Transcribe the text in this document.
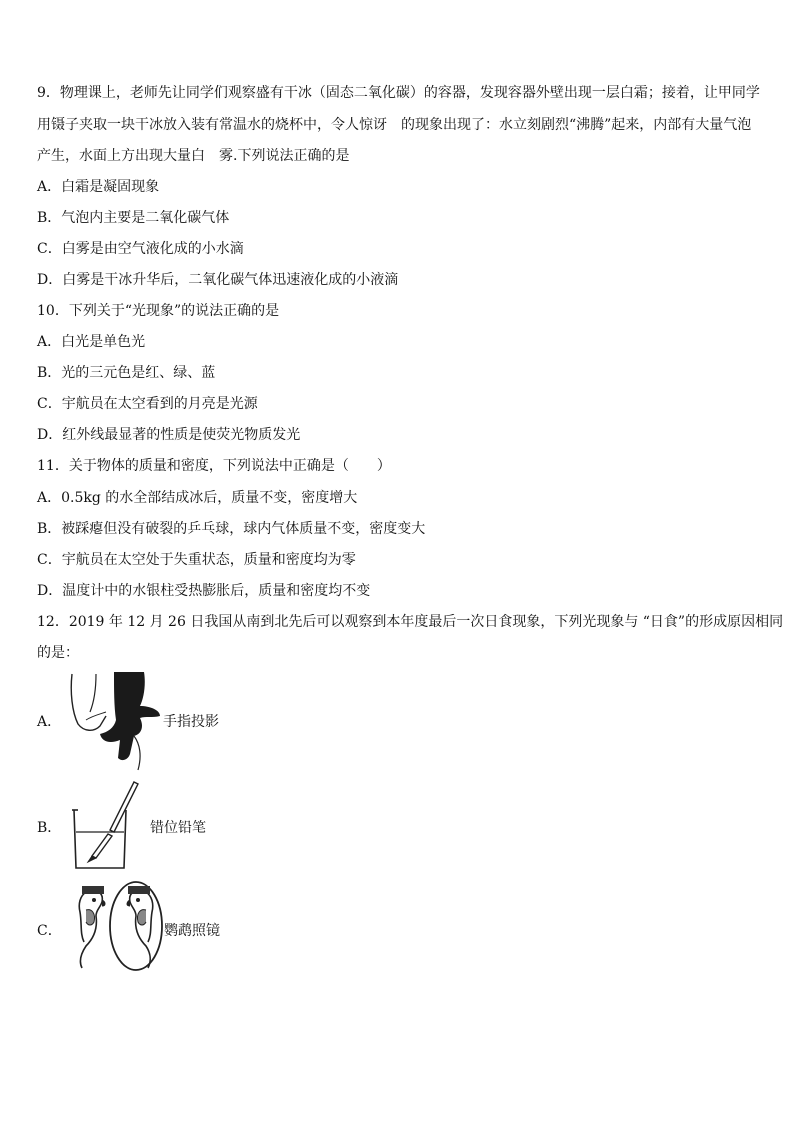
9．物理课上，老师先让同学们观察盛有干冰（固态二氧化碳）的容器，发现容器外壁出现一层白霜；接着，让甲同学
用镊子夹取一块干冰放入装有常温水的烧杯中，令人惊讶　的现象出现了：水立刻剧烈“沸腾”起来，内部有大量气泡
产生，水面上方出现大量白　雾.下列说法正确的是
A．白霜是凝固现象
B．气泡内主要是二氧化碳气体
C．白雾是由空气液化成的小水滴
D．白雾是干冰升华后，二氧化碳气体迅速液化成的小液滴
10．下列关于“光现象”的说法正确的是
A．白光是单色光
B．光的三元色是红、绿、蓝
C．宇航员在太空看到的月亮是光源
D．红外线最显著的性质是使荧光物质发光
11．关于物体的质量和密度，下列说法中正确是（　　）
A．0.5kg 的水全部结成冰后，质量不变，密度增大
B．被踩瘪但没有破裂的乒乓球，球内气体质量不变，密度变大
C．宇航员在太空处于失重状态，质量和密度均为零
D．温度计中的水银柱受热膨胀后，质量和密度均不变
12．2019 年 12 月 26 日我国从南到北先后可以观察到本年度最后一次日食现象，下列光现象与 “日食”的形成原因相同
的是：
A．	手指投影
B．	错位铅笔
C．	鹦鹉照镜
